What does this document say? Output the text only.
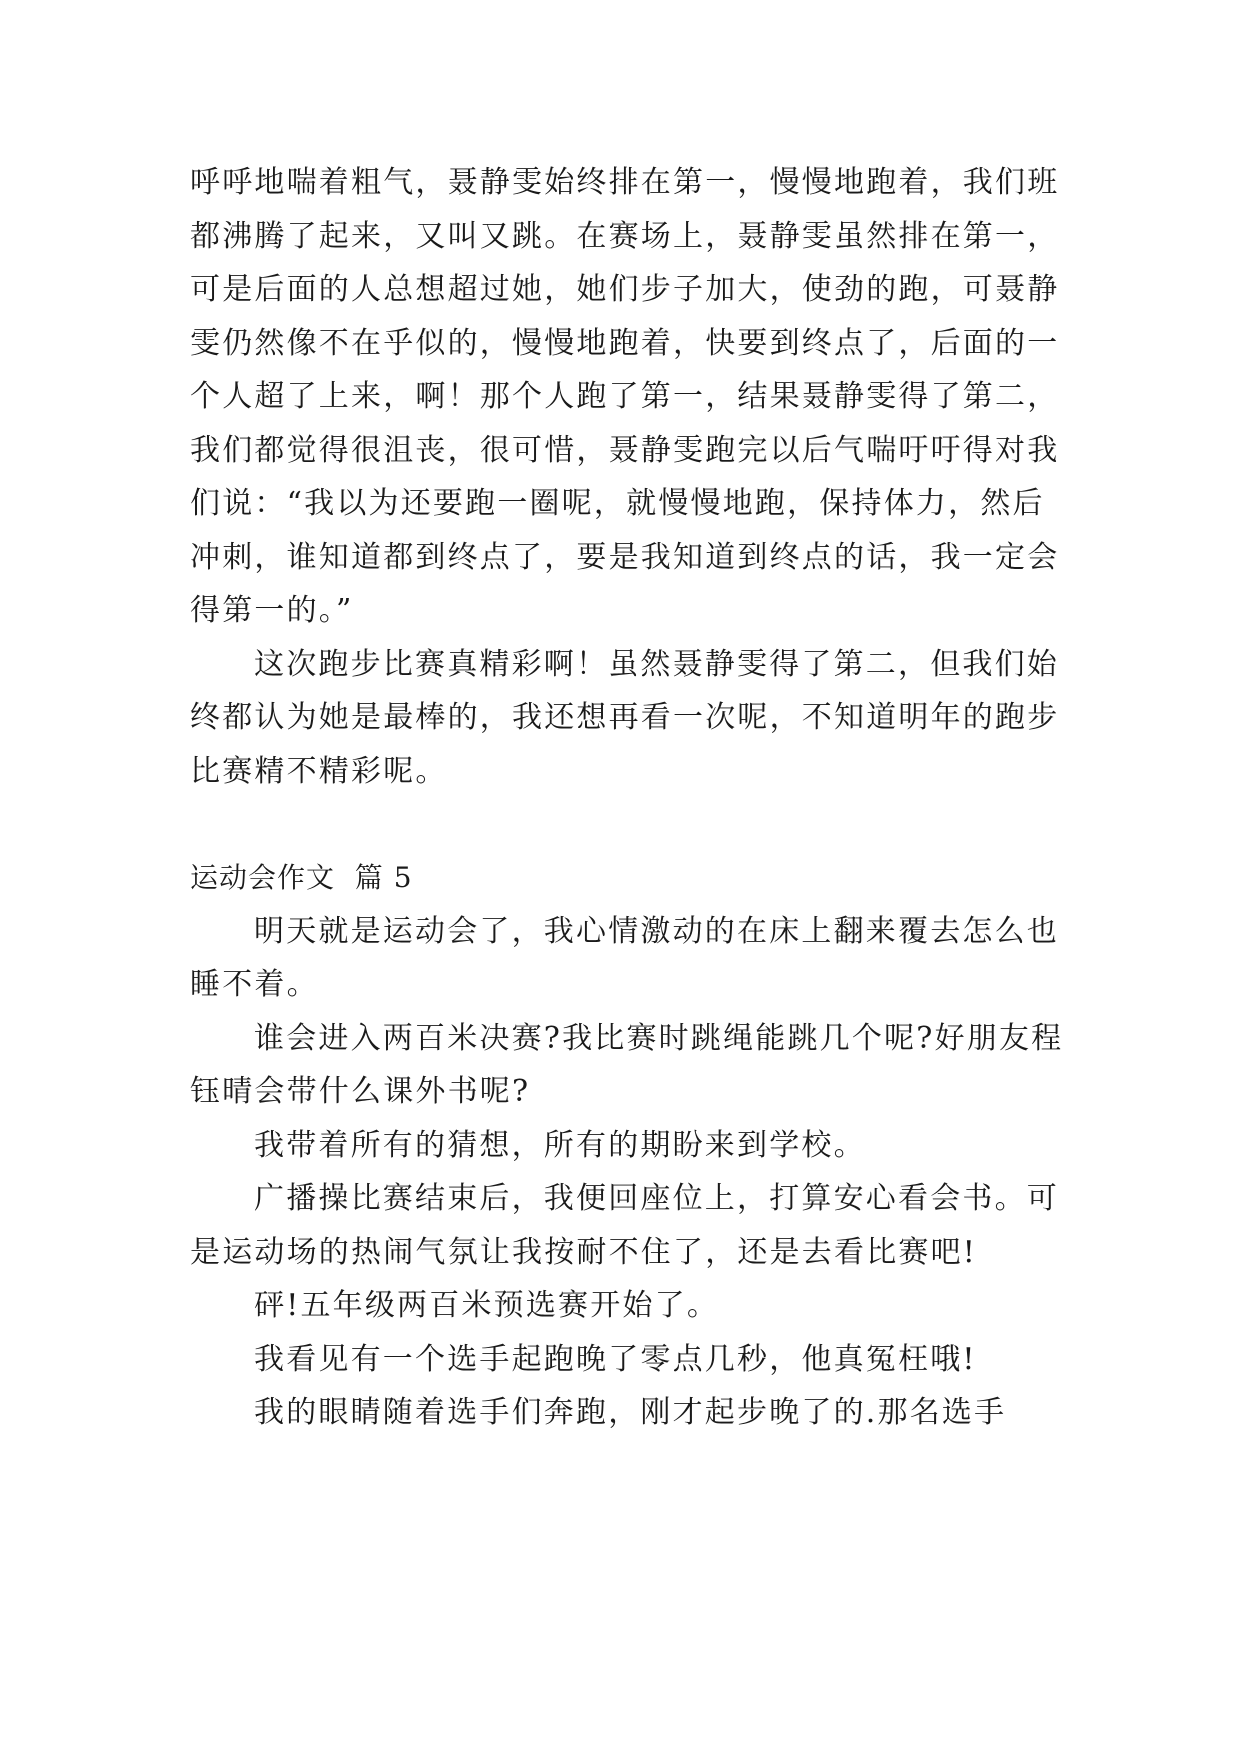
呼呼地喘着粗气，聂静雯始终排在第一，慢慢地跑着，我们班都沸腾了起来，又叫又跳。在赛场上，聂静雯虽然排在第一，可是后面的人总想超过她，她们步子加大，使劲的跑，可聂静雯仍然像不在乎似的，慢慢地跑着，快要到终点了，后面的一个人超了上来，啊！那个人跑了第一，结果聂静雯得了第二，我们都觉得很沮丧，很可惜，聂静雯跑完以后气喘吁吁得对我们说：“我以为还要跑一圈呢，就慢慢地跑，保持体力，然后冲刺，谁知道都到终点了，要是我知道到终点的话，我一定会得第一的。”

这次跑步比赛真精彩啊！虽然聂静雯得了第二，但我们始终都认为她是最棒的，我还想再看一次呢，不知道明年的跑步比赛精不精彩呢。

运动会作文  篇 5

明天就是运动会了，我心情激动的在床上翻来覆去怎么也睡不着。

谁会进入两百米决赛?我比赛时跳绳能跳几个呢?好朋友程钰晴会带什么课外书呢?

我带着所有的猜想，所有的期盼来到学校。

广播操比赛结束后，我便回座位上，打算安心看会书。可是运动场的热闹气氛让我按耐不住了，还是去看比赛吧!

砰!五年级两百米预选赛开始了。

我看见有一个选手起跑晚了零点几秒，他真冤枉哦!

我的眼睛随着选手们奔跑，刚才起步晚了的.那名选手
